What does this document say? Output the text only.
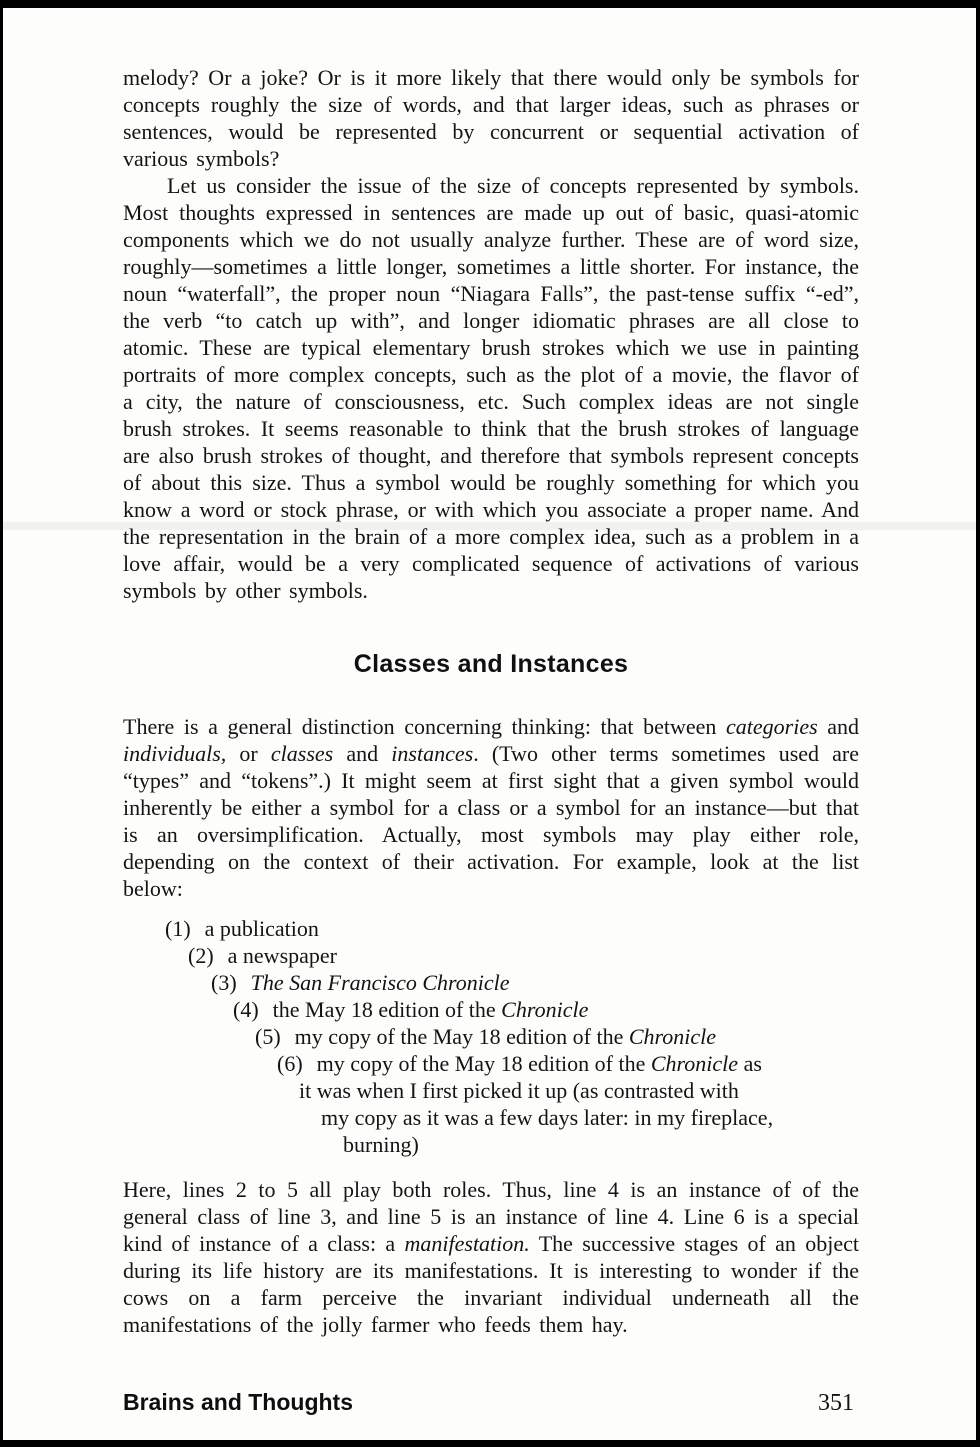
melody? Or a joke? Or is it more likely that there would only be symbols for concepts roughly the size of words, and that larger ideas, such as phrases or sentences, would be represented by concurrent or sequential activation of various symbols?

Let us consider the issue of the size of concepts represented by symbols. Most thoughts expressed in sentences are made up out of basic, quasi-atomic components which we do not usually analyze further. These are of word size, roughly—sometimes a little longer, sometimes a little shorter. For instance, the noun “waterfall”, the proper noun “Niagara Falls”, the past-tense suffix “-ed”, the verb “to catch up with”, and longer idiomatic phrases are all close to atomic. These are typical elementary brush strokes which we use in painting portraits of more complex concepts, such as the plot of a movie, the flavor of a city, the nature of consciousness, etc. Such complex ideas are not single brush strokes. It seems reasonable to think that the brush strokes of language are also brush strokes of thought, and therefore that symbols represent concepts of about this size. Thus a symbol would be roughly something for which you know a word or stock phrase, or with which you associate a proper name. And the representation in the brain of a more complex idea, such as a problem in a love affair, would be a very complicated sequence of activations of various symbols by other symbols.

Classes and Instances

There is a general distinction concerning thinking: that between categories and individuals, or classes and instances. (Two other terms sometimes used are “types” and “tokens”.) It might seem at first sight that a given symbol would inherently be either a symbol for a class or a symbol for an instance—but that is an oversimplification. Actually, most symbols may play either role, depending on the context of their activation. For example, look at the list below:

(1) a publication
(2) a newspaper
(3) The San Francisco Chronicle
(4) the May 18 edition of the Chronicle
(5) my copy of the May 18 edition of the Chronicle
(6) my copy of the May 18 edition of the Chronicle as
it was when I first picked it up (as contrasted with
my copy as it was a few days later: in my fireplace,
burning)

Here, lines 2 to 5 all play both roles. Thus, line 4 is an instance of of the general class of line 3, and line 5 is an instance of line 4. Line 6 is a special kind of instance of a class: a manifestation. The successive stages of an object during its life history are its manifestations. It is interesting to wonder if the cows on a farm perceive the invariant individual underneath all the manifestations of the jolly farmer who feeds them hay.

Brains and Thoughts	351
